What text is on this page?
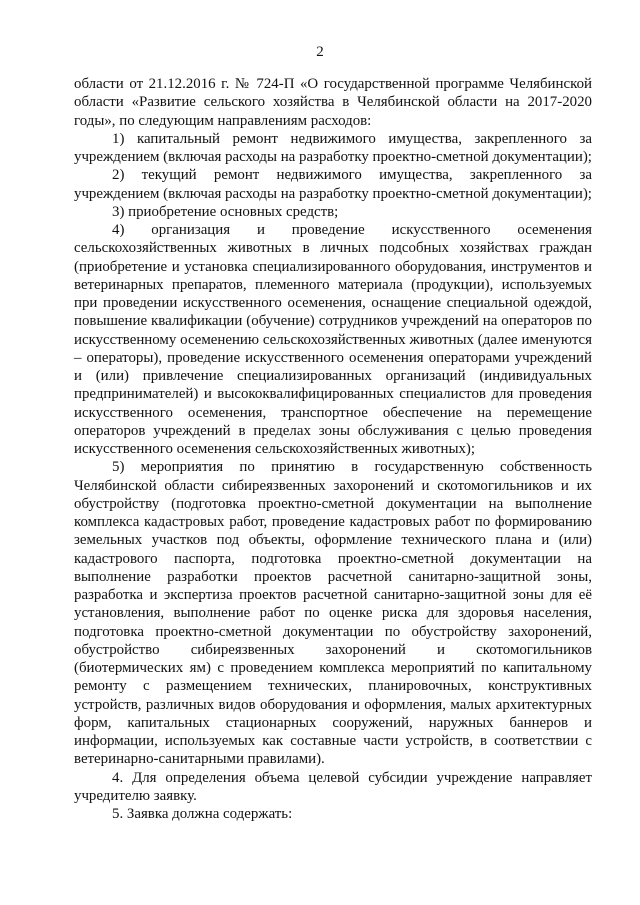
2

области от 21.12.2016 г. № 724-П «О государственной программе Челябинской области «Развитие сельского хозяйства в Челябинской области на 2017-2020 годы», по следующим направлениям расходов:

1) капитальный ремонт недвижимого имущества, закрепленного за учреждением (включая расходы на разработку проектно-сметной документации);

2) текущий ремонт недвижимого имущества, закрепленного за учреждением (включая расходы на разработку проектно-сметной документации);

3) приобретение основных средств;

4) организация и проведение искусственного осеменения сельскохозяйственных животных в личных подсобных хозяйствах граждан (приобретение и установка специализированного оборудования, инструментов и ветеринарных препаратов, племенного материала (продукции), используемых при проведении искусственного осеменения, оснащение специальной одеждой, повышение квалификации (обучение) сотрудников учреждений на операторов по искусственному осеменению сельскохозяйственных животных (далее именуются – операторы), проведение искусственного осеменения операторами учреждений и (или) привлечение специализированных организаций (индивидуальных предпринимателей) и высококвалифицированных специалистов для проведения искусственного осеменения, транспортное обеспечение на перемещение операторов учреждений в пределах зоны обслуживания с целью проведения искусственного осеменения сельскохозяйственных животных);

5) мероприятия по принятию в государственную собственность Челябинской области сибиреязвенных захоронений и скотомогильников и их обустройству (подготовка проектно-сметной документации на выполнение комплекса кадастровых работ, проведение кадастровых работ по формированию земельных участков под объекты, оформление технического плана и (или) кадастрового паспорта, подготовка проектно-сметной документации на выполнение разработки проектов расчетной санитарно-защитной зоны, разработка и экспертиза проектов расчетной санитарно-защитной зоны для её установления, выполнение работ по оценке риска для здоровья населения, подготовка проектно-сметной документации по обустройству захоронений, обустройство сибиреязвенных захоронений и скотомогильников (биотермических ям) с проведением комплекса мероприятий по капитальному ремонту с размещением технических, планировочных, конструктивных устройств, различных видов оборудования и оформления, малых архитектурных форм, капитальных стационарных сооружений, наружных баннеров и информации, используемых как составные части устройств, в соответствии с ветеринарно-санитарными правилами).

4. Для определения объема целевой субсидии учреждение направляет учредителю заявку.

5. Заявка должна содержать:
